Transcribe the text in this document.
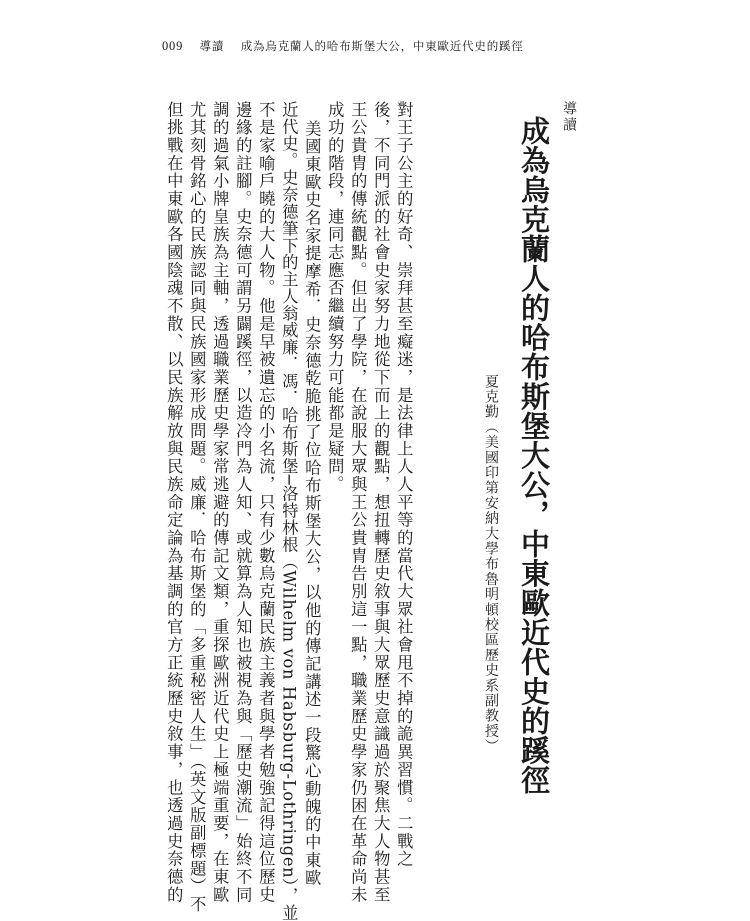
009 導讀 成為烏克蘭人的哈布斯堡大公，中東歐近代史的蹊徑
導讀
成為烏克蘭人的哈布斯堡大公，中東歐近代史的蹊徑
夏克勤（美國印第安納大學布魯明頓校區歷史系副教授）
對王子公主的好奇、崇拜甚至癡迷，是法律上人人平等的當代大眾社會甩不掉的詭異習慣。二戰之
後，不同門派的社會史家努力地從下而上的觀點，想扭轉歷史敘事與大眾歷史意識過於聚焦大人物甚至
王公貴胄的傳統觀點。但出了學院，在說服大眾與王公貴胄告別這一點，職業歷史學家仍困在革命尚未
成功的階段，連同志應否繼續努力可能都是疑問。
美國東歐史名家提摩希．史奈德乾脆挑了位哈布斯堡大公，以他的傳記講述一段驚心動魄的中東歐
近代史。史奈德筆下的主人翁威廉．馮．哈布斯堡─洛特林根（Wilhelm von Habsburg-Lothringen），並
不是家喻戶曉的大人物。他是早被遺忘的小名流，只有少數烏克蘭民族主義者與學者勉強記得這位歷史
邊緣的註腳。史奈德可謂另闢蹊徑，以造冷門為人知、或就算為人知也被視為與「歷史潮流」始終不同
調的過氣小牌皇族為主軸，透過職業歷史學家常逃避的傳記文類，重探歐洲近代史上極端重要，在東歐
尤其刻骨銘心的民族認同與民族國家形成問題。威廉．哈布斯堡的「多重秘密人生」（英文版副標題）不
但挑戰在中東歐各國陰魂不散、以民族解放與民族命定論為基調的官方正統歷史敘事，也透過史奈德的
